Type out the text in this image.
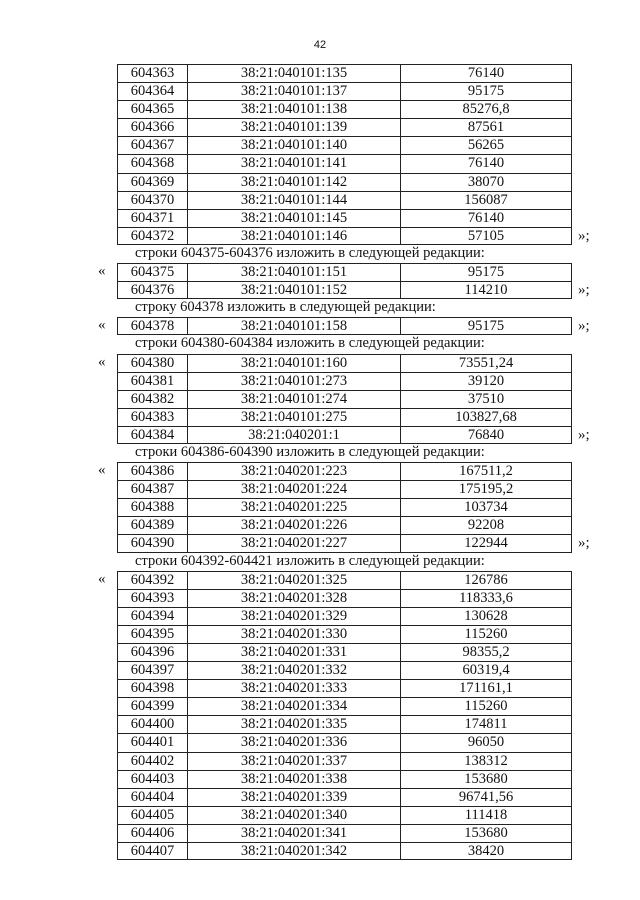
42
604363	38:21:040101:135	76140
604364	38:21:040101:137	95175
604365	38:21:040101:138	85276,8
604366	38:21:040101:139	87561
604367	38:21:040101:140	56265
604368	38:21:040101:141	76140
604369	38:21:040101:142	38070
604370	38:21:040101:144	156087
604371	38:21:040101:145	76140
604372	38:21:040101:146	57105	»;
строки 604375-604376 изложить в следующей редакции:
604375	38:21:040101:151	95175
«
604376	38:21:040101:152	114210	»;
строку 604378 изложить в следующей редакции:
604378	38:21:040101:158	95175
«	»;
строки 604380-604384 изложить в следующей редакции:
604380	38:21:040101:160	73551,24
«
604381	38:21:040101:273	39120
604382	38:21:040101:274	37510
604383	38:21:040101:275	103827,68
604384	38:21:040201:1	76840	»;
строки 604386-604390 изложить в следующей редакции:
604386	38:21:040201:223	167511,2
«
604387	38:21:040201:224	175195,2
604388	38:21:040201:225	103734
604389	38:21:040201:226	92208
604390	38:21:040201:227	122944	»;
строки 604392-604421 изложить в следующей редакции:
604392	38:21:040201:325	126786
«
604393	38:21:040201:328	118333,6
604394	38:21:040201:329	130628
604395	38:21:040201:330	115260
604396	38:21:040201:331	98355,2
604397	38:21:040201:332	60319,4
604398	38:21:040201:333	171161,1
604399	38:21:040201:334	115260
604400	38:21:040201:335	174811
604401	38:21:040201:336	96050
604402	38:21:040201:337	138312
604403	38:21:040201:338	153680
604404	38:21:040201:339	96741,56
604405	38:21:040201:340	111418
604406	38:21:040201:341	153680
604407	38:21:040201:342	38420
